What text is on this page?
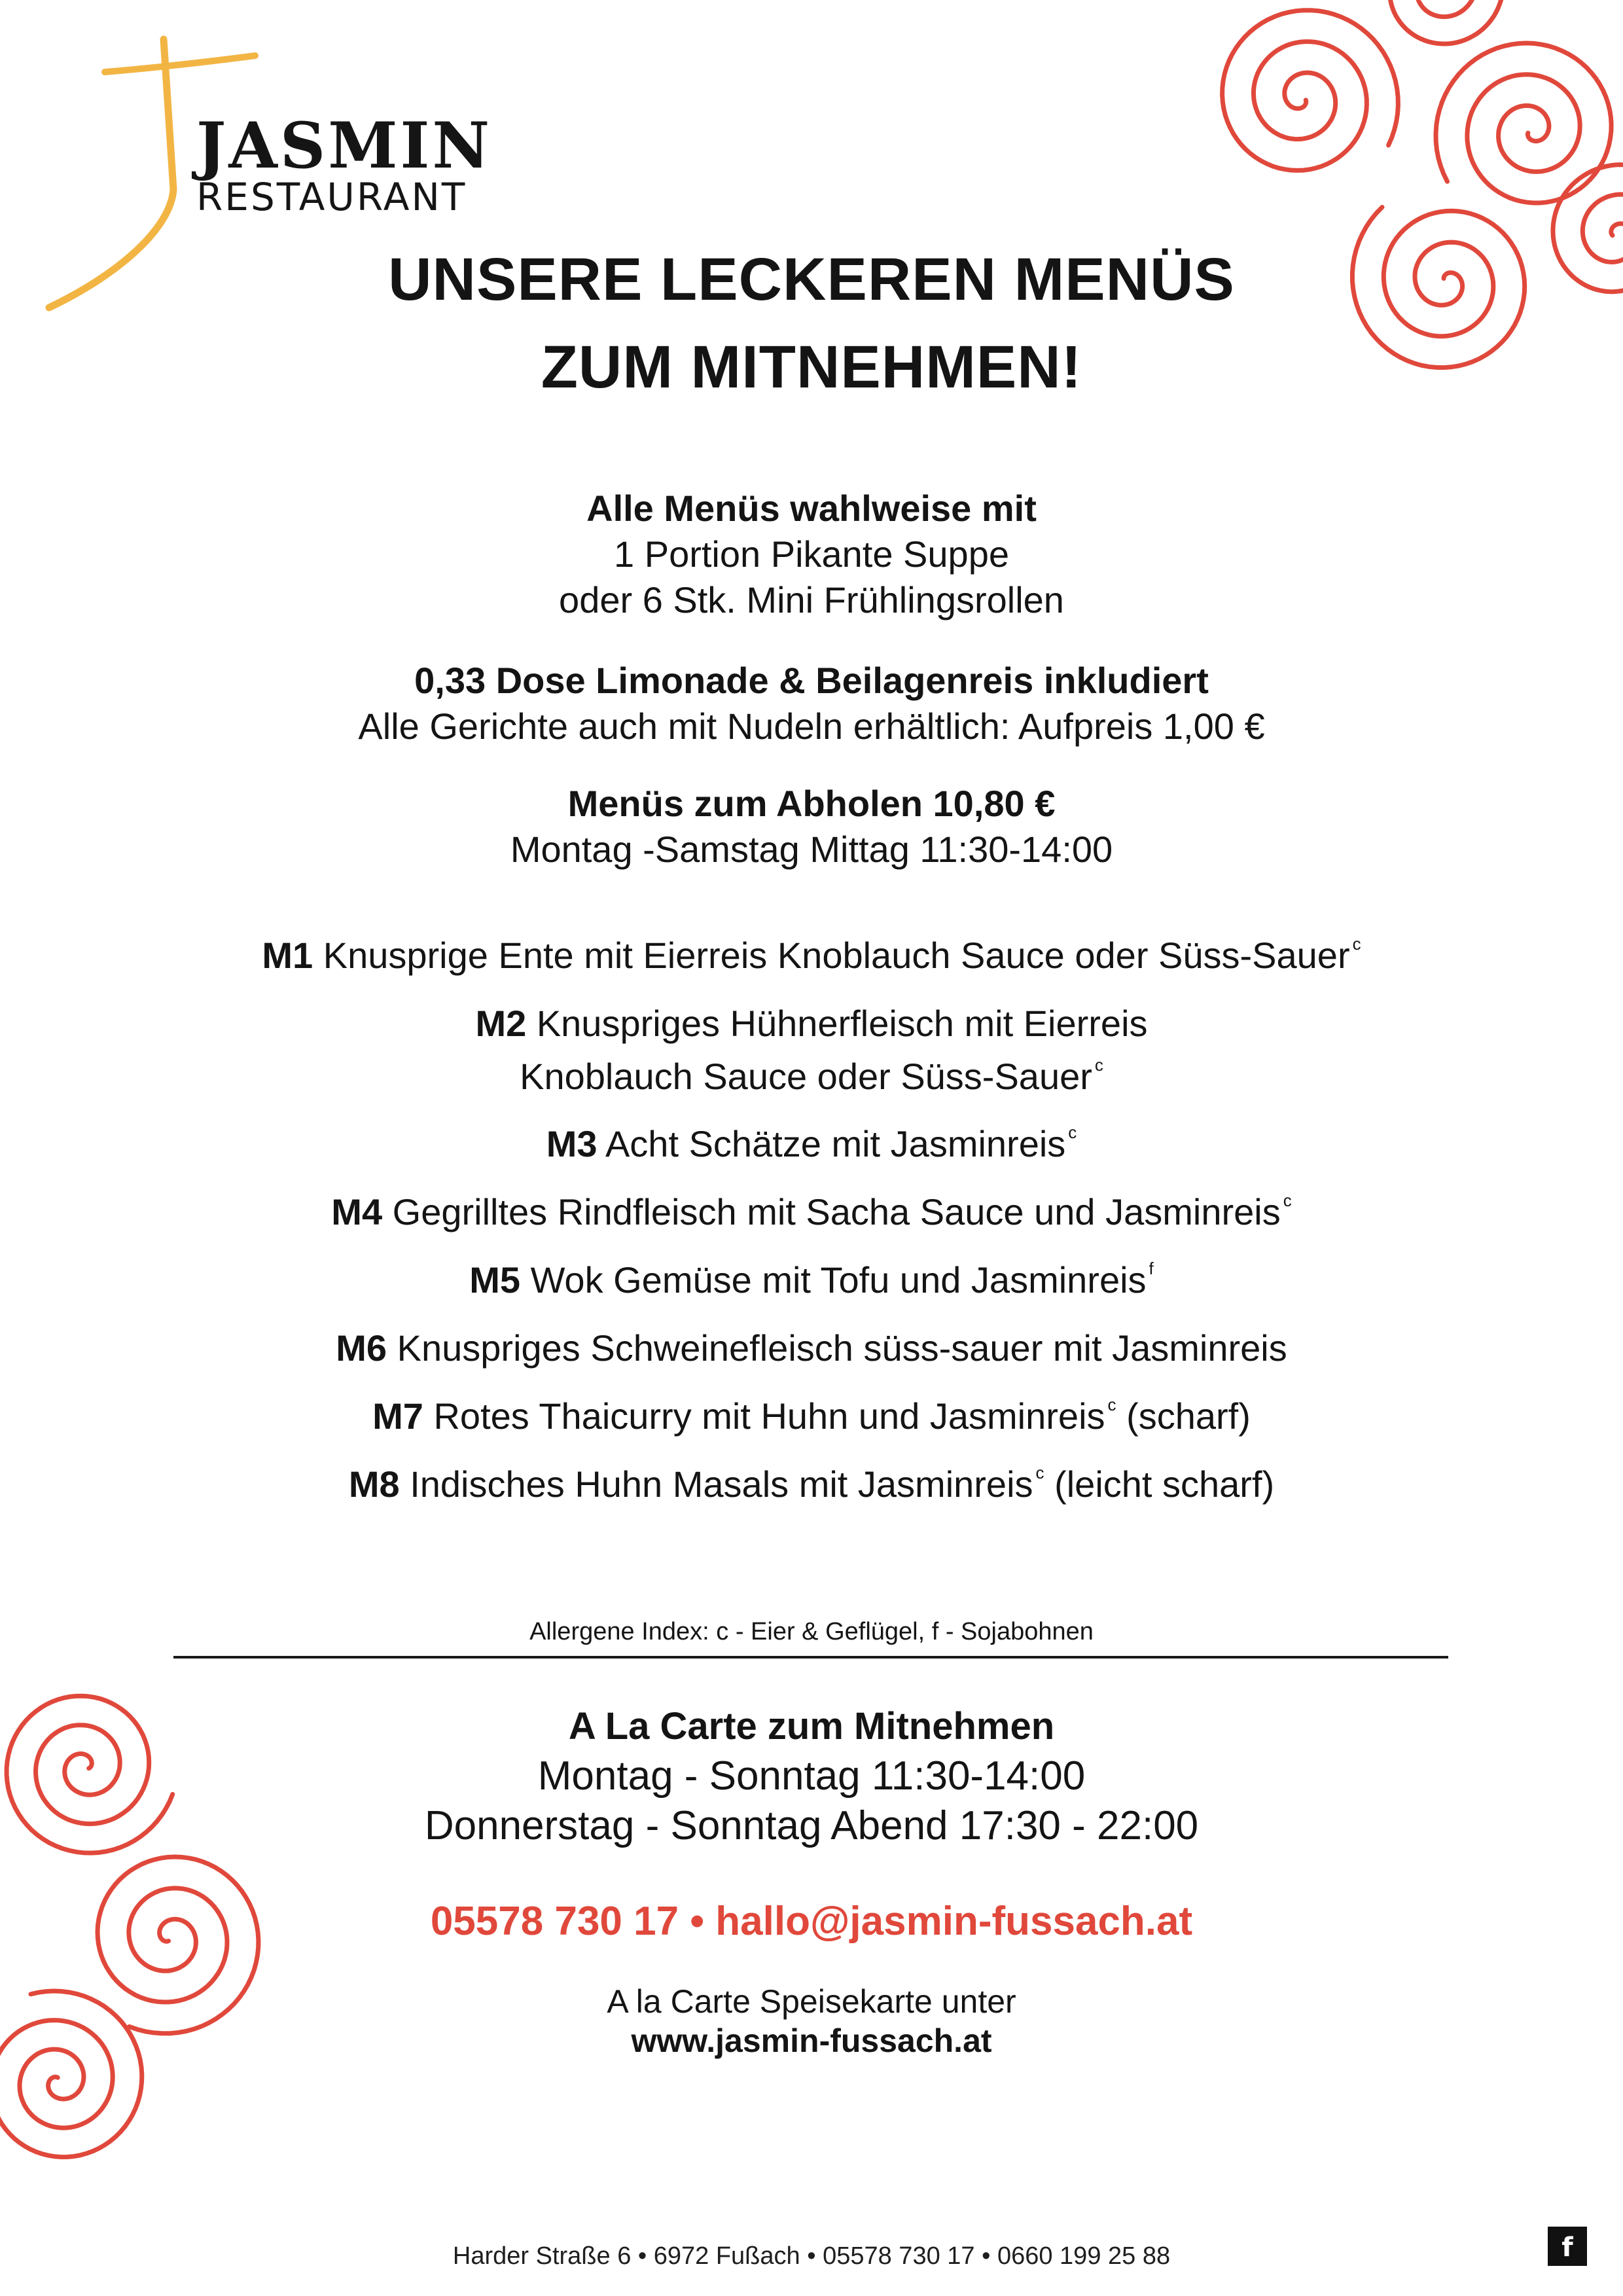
JASMIN
RESTAURANT
UNSERE LECKEREN MENÜS
ZUM MITNEHMEN!
Alle Menüs wahlweise mit
1 Portion Pikante Suppe
oder 6 Stk. Mini Frühlingsrollen
0,33 Dose Limonade & Beilagenreis inkludiert
Alle Gerichte auch mit Nudeln erhältlich: Aufpreis 1,00 €
Menüs zum Abholen 10,80 €
Montag -Samstag Mittag 11:30-14:00
M1 Knusprige Ente mit Eierreis Knoblauch Sauce oder Süss-Sauer $^c$
M2 Knuspriges Hühnerfleisch mit Eierreis
Knoblauch Sauce oder Süss-Sauer $^c$
M3 Acht Schätze mit Jasminreis $^c$
M4 Gegrilltes Rindfleisch mit Sacha Sauce und Jasminreis $^c$
M5 Wok Gemüse mit Tofu und Jasminreis $^f$
M6 Knuspriges Schweinefleisch süss-sauer mit Jasminreis
M7 Rotes Thaicurry mit Huhn und Jasminreis $^c$ (scharf)
M8 Indisches Huhn Masals mit Jasminreis $^c$ (leicht scharf)
Allergene Index: c - Eier & Geflügel, f - Sojabohnen
A La Carte zum Mitnehmen
Montag - Sonntag 11:30-14:00
Donnerstag - Sonntag Abend 17:30 - 22:00
05578 730 17 • hallo@jasmin-fussach.at
A la Carte Speisekarte unter
www.jasmin-fussach.at
Harder Straße 6 • 6972 Fußach • 05578 730 17 • 0660 199 25 88	f
